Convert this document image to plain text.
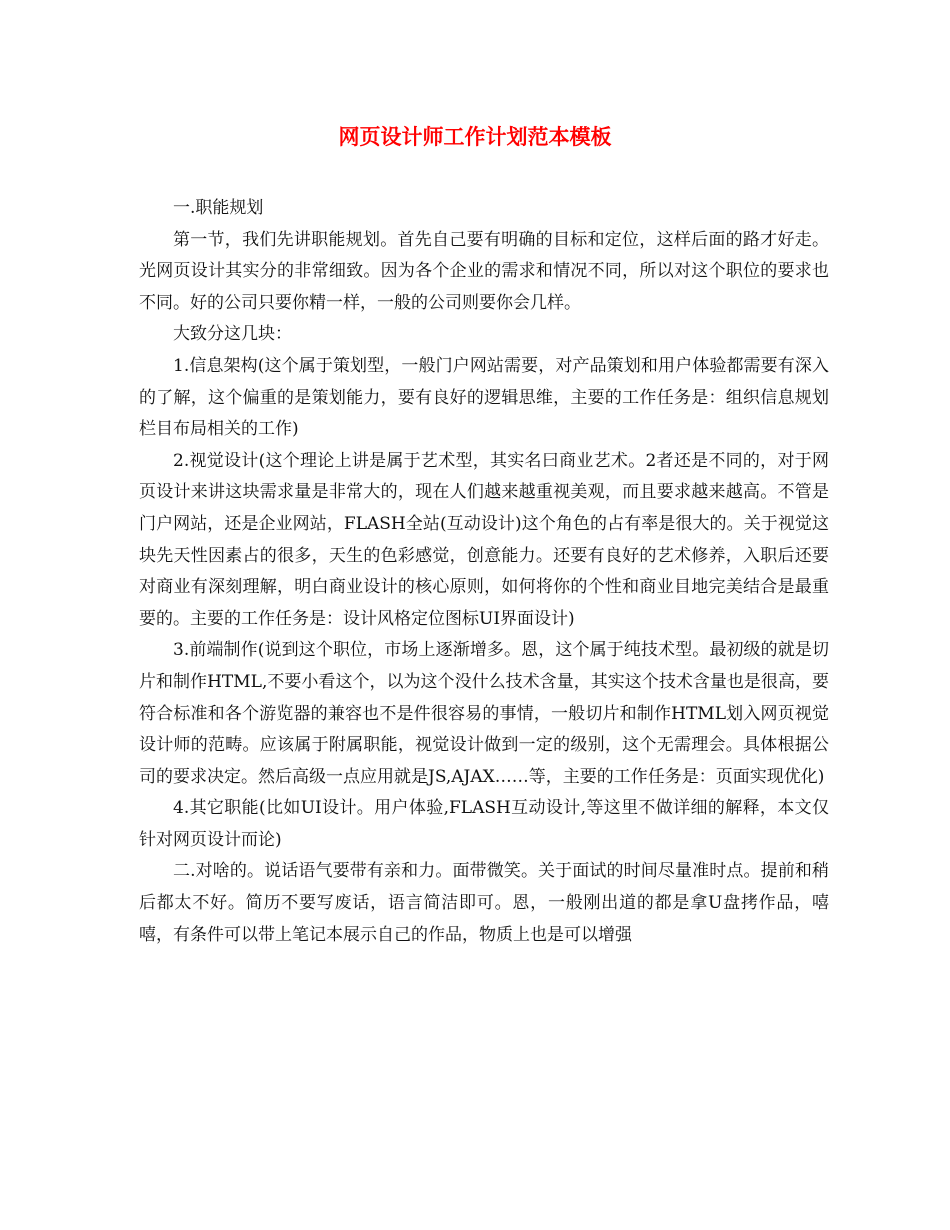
网页设计师工作计划范本模板

一.职能规划

第一节，我们先讲职能规划。首先自己要有明确的目标和定位，这样后面的路才好走。光网页设计其实分的非常细致。因为各个企业的需求和情况不同，所以对这个职位的要求也不同。好的公司只要你精一样，一般的公司则要你会几样。

大致分这几块：

1.信息架构(这个属于策划型，一般门户网站需要，对产品策划和用户体验都需要有深入的了解，这个偏重的是策划能力，要有良好的逻辑思维，主要的工作任务是：组织信息规划栏目布局相关的工作)

2.视觉设计(这个理论上讲是属于艺术型，其实名曰商业艺术。2者还是不同的，对于网页设计来讲这块需求量是非常大的，现在人们越来越重视美观，而且要求越来越高。不管是门户网站，还是企业网站，FLASH全站(互动设计)这个角色的占有率是很大的。关于视觉这块先天性因素占的很多，天生的色彩感觉，创意能力。还要有良好的艺术修养，入职后还要对商业有深刻理解，明白商业设计的核心原则，如何将你的个性和商业目地完美结合是最重要的。主要的工作任务是：设计风格定位图标UI界面设计)

3.前端制作(说到这个职位，市场上逐渐增多。恩，这个属于纯技术型。最初级的就是切片和制作HTML,不要小看这个，以为这个没什么技术含量，其实这个技术含量也是很高，要符合标准和各个游览器的兼容也不是件很容易的事情，一般切片和制作HTML划入网页视觉设计师的范畴。应该属于附属职能，视觉设计做到一定的级别，这个无需理会。具体根据公司的要求决定。然后高级一点应用就是JS,AJAX……等，主要的工作任务是：页面实现优化)

4.其它职能(比如UI设计。用户体验,FLASH互动设计,等这里不做详细的解释，本文仅针对网页设计而论)

二.对啥的。说话语气要带有亲和力。面带微笑。关于面试的时间尽量准时点。提前和稍后都太不好。简历不要写废话，语言简洁即可。恩，一般刚出道的都是拿U盘拷作品，嘻嘻，有条件可以带上笔记本展示自己的作品，物质上也是可以增强
